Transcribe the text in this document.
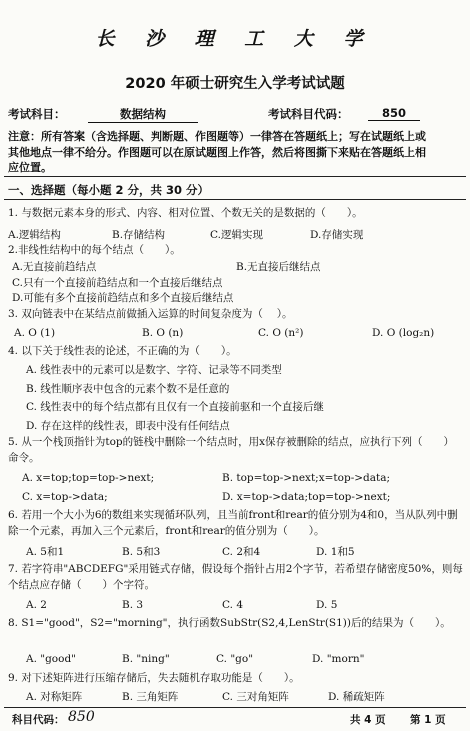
长 沙 理 工 大 学
2020 年硕士研究生入学考试试题
考试科目：	数据结构	考试科目代码：	850
注意：所有答案（含选择题、判断题、作图题等）一律答在答题纸上；写在试题纸上或
其他地点一律不给分。作图题可以在原试题图上作答，然后将图撕下来贴在答题纸上相
应位置。
一、选择题（每小题 2 分，共 30 分）
1. 与数据元素本身的形式、内容、相对位置、个数无关的是数据的（　　）。
A.逻辑结构	B.存储结构	C.逻辑实现	D.存储实现
2.非线性结构中的每个结点（　　）。
A.无直接前趋结点	B.无直接后继结点
C.只有一个直接前趋结点和一个直接后继结点
D.可能有多个直接前趋结点和多个直接后继结点
3. 双向链表中在某结点前做插入运算的时间复杂度为（　 ）。
A. O (1)	B. O (n)	C. O (n²)	D. O (log₂n)
4. 以下关于线性表的论述，不正确的为（　　）。
A. 线性表中的元素可以是数字、字符、记录等不同类型
B. 线性顺序表中包含的元素个数不是任意的
C. 线性表中的每个结点都有且仅有一个直接前驱和一个直接后继
D. 存在这样的线性表，即表中没有任何结点
5. 从一个栈顶指针为top的链栈中删除一个结点时，用x保存被删除的结点，应执行下列（　　）命令。
A. x=top;top=top->next;	B. top=top->next;x=top->data;
C. x=top->data;	D. x=top->data;top=top->next;
6. 若用一个大小为6的数组来实现循环队列，且当前front和rear的值分别为4和0，当从队列中删除一个元素，再加入三个元素后，front和rear的值分别为（　　）。
A. 5和1	B. 5和3	C. 2和4	D. 1和5
7. 若字符串"ABCDEFG"采用链式存储，假设每个指针占用2个字节，若希望存储密度50%，则每个结点应存储（　　）个字符。
A. 2	B. 3	C. 4	D. 5
8. S1="good"，S2="morning"，执行函数SubStr(S2,4,LenStr(S1))后的结果为（　　）。
A. "good"	B. "ning"	C. "go"	D. "morn"
9. 对下述矩阵进行压缩存储后，失去随机存取功能是（　　）。
A. 对称矩阵	B. 三角矩阵	C. 三对角矩阵	D. 稀疏矩阵
科目代码： 850	共 4 页 第 1 页
